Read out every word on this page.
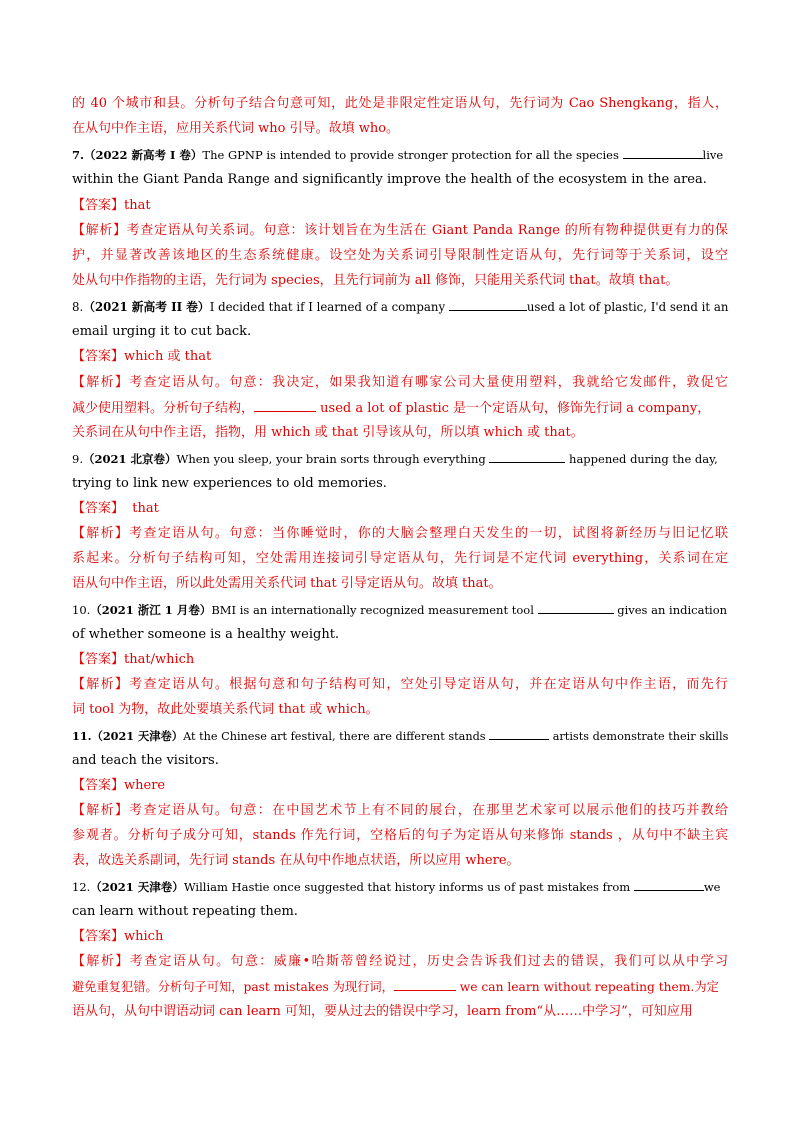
的 40 个城市和县。分析句子结合句意可知，此处是非限定性定语从句，先行词为 Cao Shengkang，指人，
在从句中作主语，应用关系代词 who 引导。故填 who。
7.（2022 新高考 I 卷）The GPNP is intended to provide stronger protection for all the species	live
within the Giant Panda Range and significantly improve the health of the ecosystem in the area.
【答案】that
【解析】考查定语从句关系词。句意：该计划旨在为生活在 Giant Panda Range 的所有物种提供更有力的保
护，并显著改善该地区的生态系统健康。设空处为关系词引导限制性定语从句，先行词等于关系词，设空
处从句中作指物的主语，先行词为 species，且先行词前为 all 修饰，只能用关系代词 that。故填 that。
8.（2021 新高考 II 卷）I decided that if I learned of a company	used a lot of plastic, I'd send it an
email urging it to cut back.
【答案】which 或 that
【解析】考查定语从句。句意：我决定，如果我知道有哪家公司大量使用塑料，我就给它发邮件，敦促它
减少使用塑料。分析句子结构，	used a lot of plastic 是一个定语从句，修饰先行词 a company，
关系词在从句中作主语，指物，用 which 或 that 引导该从句，所以填 which 或 that。
9.（2021 北京卷）When you sleep, your brain sorts through everything	happened during the day,
trying to link new experiences to old memories.
【答案】 that
【解析】考查定语从句。句意：当你睡觉时，你的大脑会整理白天发生的一切，试图将新经历与旧记忆联
系起来。分析句子结构可知，空处需用连接词引导定语从句，先行词是不定代词 everything，关系词在定
语从句中作主语，所以此处需用关系代词 that 引导定语从句。故填 that。
10.（2021 浙江 1 月卷）BMI is an internationally recognized measurement tool	gives an indication
of whether someone is a healthy weight.
【答案】that/which
【解析】考查定语从句。根据句意和句子结构可知，空处引导定语从句，并在定语从句中作主语，而先行
词 tool 为物，故此处要填关系代词 that 或 which。
11.（2021 天津卷）At the Chinese art festival, there are different stands	artists demonstrate their skills
and teach the visitors.
【答案】where
【解析】考查定语从句。句意：在中国艺术节上有不同的展台，在那里艺术家可以展示他们的技巧并教给
参观者。分析句子成分可知，stands 作先行词，空格后的句子为定语从句来修饰 stands ，从句中不缺主宾
表，故选关系副词，先行词 stands 在从句中作地点状语，所以应用 where。
12.（2021 天津卷）William Hastie once suggested that history informs us of past mistakes from	we
can learn without repeating them.
【答案】which
【解析】考查定语从句。句意：威廉•哈斯蒂曾经说过，历史会告诉我们过去的错误，我们可以从中学习
避免重复犯错。分析句子可知，past mistakes 为现行词，	we can learn without repeating them.为定
语从句，从句中谓语动词 can learn 可知，要从过去的错误中学习，learn from“从……中学习”，可知应用
